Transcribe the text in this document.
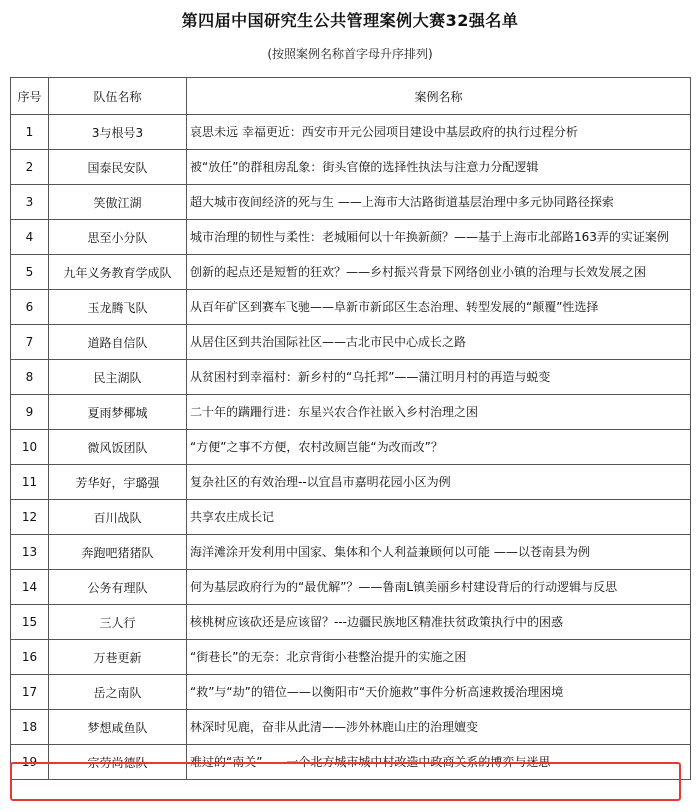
第四届中国研究生公共管理案例大赛32强名单
(按照案例名称首字母升序排列)
序号	队伍名称	案例名称
1	3与根号3	哀思未远 幸福更近：西安市开元公园项目建设中基层政府的执行过程分析
2	国泰民安队	被“放任”的群租房乱象：街头官僚的选择性执法与注意力分配逻辑
3	笑傲江湖	超大城市夜间经济的死与生 ——上海市大沽路街道基层治理中多元协同路径探索
4	思至小分队	城市治理的韧性与柔性：老城厢何以十年换新颜？——基于上海市北部路163弄的实证案例
5	九年义务教育学成队	创新的起点还是短暂的狂欢？——乡村振兴背景下网络创业小镇的治理与长效发展之困
6	玉龙腾飞队	从百年矿区到赛车飞驰——阜新市新邱区生态治理、转型发展的“颠覆”性选择
7	道路自信队	从居住区到共治国际社区——古北市民中心成长之路
8	民主湖队	从贫困村到幸福村：新乡村的“乌托邦”——蒲江明月村的再造与蜕变
9	夏雨梦椰城	二十年的蹒跚行进：东星兴农合作社嵌入乡村治理之困
10	微风饭团队	“方便”之事不方便，农村改厕岂能“为改而改”？
11	芳华好，宇璐强	复杂社区的有效治理--以宜昌市嘉明花园小区为例
12	百川战队	共享农庄成长记
13	奔跑吧猪猪队	海洋滩涂开发利用中国家、集体和个人利益兼顾何以可能 ——以苍南县为例
14	公务有理队	何为基层政府行为的“最优解”？——鲁南L镇美丽乡村建设背后的行动逻辑与反思
15	三人行	核桃树应该砍还是应该留？---边疆民族地区精准扶贫政策执行中的困惑
16	万巷更新	“街巷长”的无奈：北京背街小巷整治提升的实施之困
17	岳之南队	“救”与“劫”的错位——以衡阳市“天价施救”事件分析高速救援治理困境
18	梦想咸鱼队	林深时见鹿，奋非从此清——涉外林鹿山庄的治理嬗变
19	宗劳尚德队	难过的“南关”——一个北方城市城中村改造中政商关系的博弈与迷思
